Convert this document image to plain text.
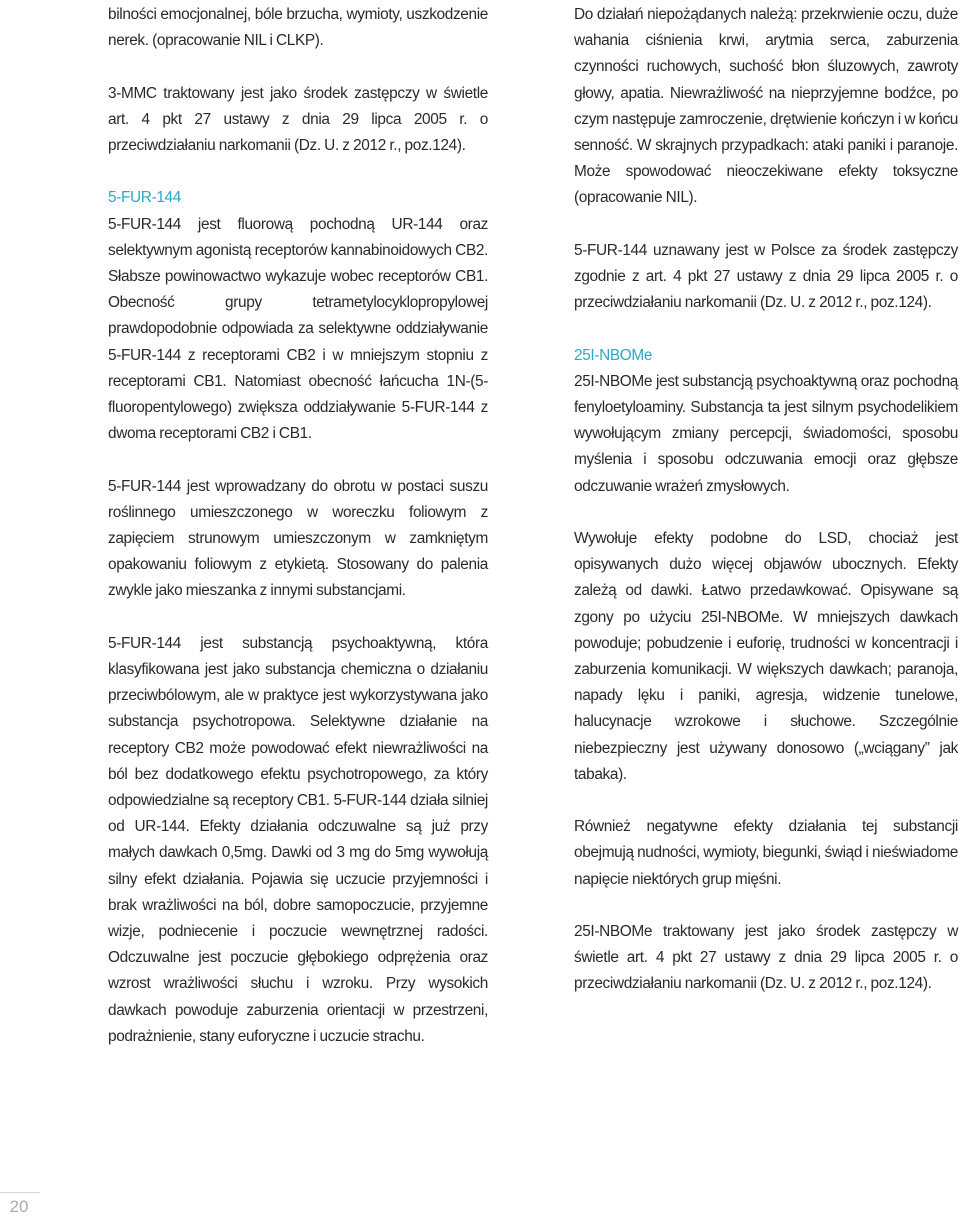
bilności emocjonalnej, bóle brzucha, wymioty, uszkodzenie nerek. (opracowanie NIL i CLKP).

3-MMC traktowany jest jako środek zastępczy w świetle art. 4 pkt 27 ustawy z dnia 29 lipca 2005 r. o przeciwdziałaniu narkomanii (Dz. U. z 2012 r., poz.124).

5-FUR-144

5-FUR-144 jest fluorową pochodną UR-144 oraz selektywnym agonistą receptorów kannabinoidowych CB2. Słabsze powinowactwo wykazuje wobec receptorów CB1. Obecność grupy tetrametylocyklopropylowej prawdopodobnie odpowiada za selektywne oddziaływanie 5-FUR-144 z receptorami CB2 i w mniejszym stopniu z receptorami CB1. Natomiast obecność łańcucha 1N-(5-fluoropentylowego) zwiększa oddziaływanie 5-FUR-144 z dwoma receptorami CB2 i CB1.

5-FUR-144 jest wprowadzany do obrotu w postaci suszu roślinnego umieszczonego w woreczku foliowym z zapięciem strunowym umieszczonym w zamkniętym opakowaniu foliowym z etykietą. Stosowany do palenia zwykle jako mieszanka z innymi substancjami.

5-FUR-144 jest substancją psychoaktywną, która klasyfikowana jest jako substancja chemiczna o działaniu przeciwbólowym, ale w praktyce jest wykorzystywana jako substancja psychotropowa. Selektywne działanie na receptory CB2 może powodować efekt niewrażliwości na ból bez dodatkowego efektu psychotropowego, za który odpowiedzialne są receptory CB1. 5-FUR-144 działa silniej od UR-144. Efekty działania odczuwalne są już przy małych dawkach 0,5mg. Dawki od 3 mg do 5mg wywołują silny efekt działania. Pojawia się uczucie przyjemności i brak wrażliwości na ból, dobre samopoczucie, przyjemne wizje, podniecenie i poczucie wewnętrznej radości. Odczuwalne jest poczucie głębokiego odprężenia oraz wzrost wrażliwości słuchu i wzroku. Przy wysokich dawkach powoduje zaburzenia orientacji w przestrzeni, podrażnienie, stany euforyczne i uczucie strachu.

Do działań niepożądanych należą: przekrwienie oczu, duże wahania ciśnienia krwi, arytmia serca, zaburzenia czynności ruchowych, suchość błon śluzowych, zawroty głowy, apatia. Niewrażliwość na nieprzyjemne bodźce, po czym następuje zamroczenie, drętwienie kończyn i w końcu senność. W skrajnych przypadkach: ataki paniki i paranoje. Może spowodować nieoczekiwane efekty toksyczne (opracowanie NIL).

5-FUR-144 uznawany jest w Polsce za środek zastępczy zgodnie z art. 4 pkt 27 ustawy z dnia 29 lipca 2005 r. o przeciwdziałaniu narkomanii (Dz. U. z 2012 r., poz.124).

25I-NBOMe

25I-NBOMe jest substancją psychoaktywną oraz pochodną fenyloetyloaminy. Substancja ta jest silnym psychodelikiem wywołującym zmiany percepcji, świadomości, sposobu myślenia i sposobu odczuwania emocji oraz głębsze odczuwanie wrażeń zmysłowych.

Wywołuje efekty podobne do LSD, chociaż jest opisywanych dużo więcej objawów ubocznych. Efekty zależą od dawki. Łatwo przedawkować. Opisywane są zgony po użyciu 25I-NBOMe. W mniejszych dawkach powoduje; pobudzenie i euforię, trudności w koncentracji i zaburzenia komunikacji. W większych dawkach; paranoja, napady lęku i paniki, agresja, widzenie tunelowe, halucynacje wzrokowe i słuchowe. Szczególnie niebezpieczny jest używany donosowo („wciągany” jak tabaka).

Również negatywne efekty działania tej substancji obejmują nudności, wymioty, biegunki, świąd i nieświadome napięcie niektórych grup mięśni.

25I-NBOMe traktowany jest jako środek zastępczy w świetle art. 4 pkt 27 ustawy z dnia 29 lipca 2005 r. o przeciwdziałaniu narkomanii (Dz. U. z 2012 r., poz.124).

20
